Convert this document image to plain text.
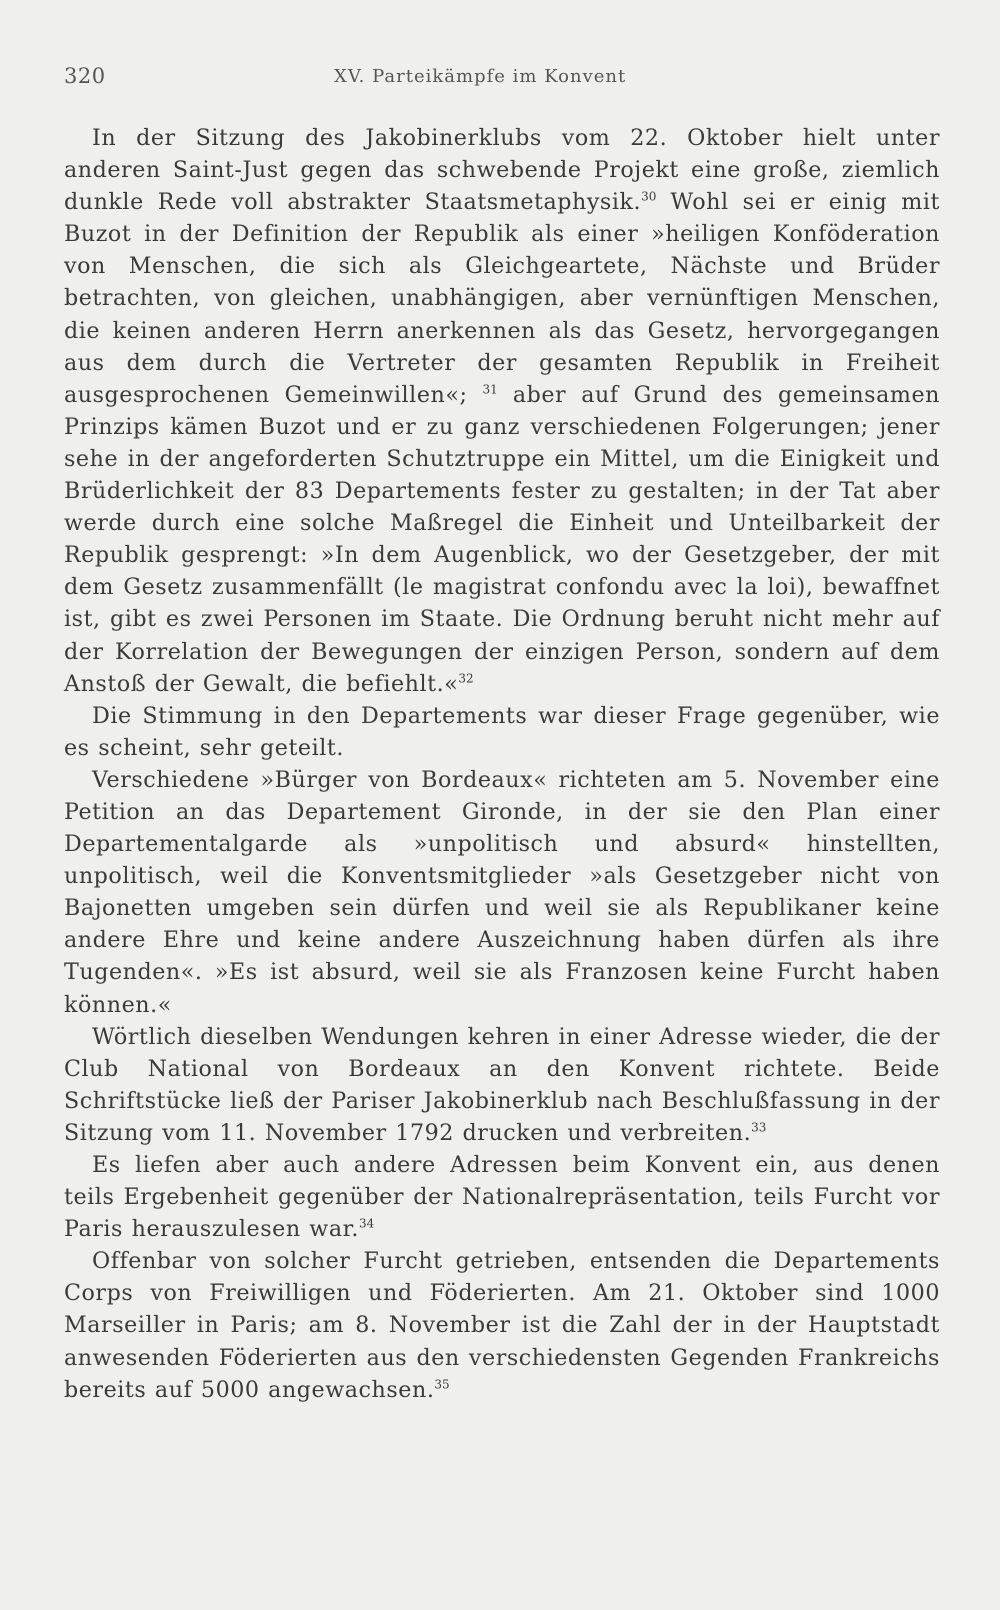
320	XV. Parteikämpfe im Konvent

In der Sitzung des Jakobinerklubs vom 22. Oktober hielt unter anderen Saint-Just gegen das schwebende Projekt eine große, ziemlich dunkle Rede voll abstrakter Staatsmetaphysik.$^{30}$ Wohl sei er einig mit Buzot in der Definition der Republik als einer »heiligen Konföderation von Menschen, die sich als Gleichgeartete, Nächste und Brüder betrachten, von gleichen, unabhängigen, aber vernünftigen Menschen, die keinen anderen Herrn anerkennen als das Gesetz, hervorgegangen aus dem durch die Vertreter der gesamten Republik in Freiheit ausgesprochenen Gemeinwillen«; $^{31}$ aber auf Grund des gemeinsamen Prinzips kämen Buzot und er zu ganz verschiedenen Folgerungen; jener sehe in der angeforderten Schutztruppe ein Mittel, um die Einigkeit und Brüderlichkeit der 83 Departements fester zu gestalten; in der Tat aber werde durch eine solche Maßregel die Einheit und Unteilbarkeit der Republik gesprengt: »In dem Augenblick, wo der Gesetzgeber, der mit dem Gesetz zusammenfällt (le magistrat confondu avec la loi), bewaffnet ist, gibt es zwei Personen im Staate. Die Ordnung beruht nicht mehr auf der Korrelation der Bewegungen der einzigen Person, sondern auf dem Anstoß der Gewalt, die befiehlt.«$^{32}$

Die Stimmung in den Departements war dieser Frage gegenüber, wie es scheint, sehr geteilt.

Verschiedene »Bürger von Bordeaux« richteten am 5. November eine Petition an das Departement Gironde, in der sie den Plan einer Departementalgarde als »unpolitisch und absurd« hinstellten, unpolitisch, weil die Konventsmitglieder »als Gesetzgeber nicht von Bajonetten umgeben sein dürfen und weil sie als Republikaner keine andere Ehre und keine andere Auszeichnung haben dürfen als ihre Tugenden«. »Es ist absurd, weil sie als Franzosen keine Furcht haben können.«

Wörtlich dieselben Wendungen kehren in einer Adresse wieder, die der Club National von Bordeaux an den Konvent richtete. Beide Schriftstücke ließ der Pariser Jakobinerklub nach Beschlußfassung in der Sitzung vom 11. November 1792 drucken und verbreiten.$^{33}$

Es liefen aber auch andere Adressen beim Konvent ein, aus denen teils Ergebenheit gegenüber der Nationalrepräsentation, teils Furcht vor Paris herauszulesen war.$^{34}$

Offenbar von solcher Furcht getrieben, entsenden die Departements Corps von Freiwilligen und Föderierten. Am 21. Oktober sind 1000 Marseiller in Paris; am 8. November ist die Zahl der in der Hauptstadt anwesenden Föderierten aus den verschiedensten Gegenden Frankreichs bereits auf 5000 angewachsen.$^{35}$
